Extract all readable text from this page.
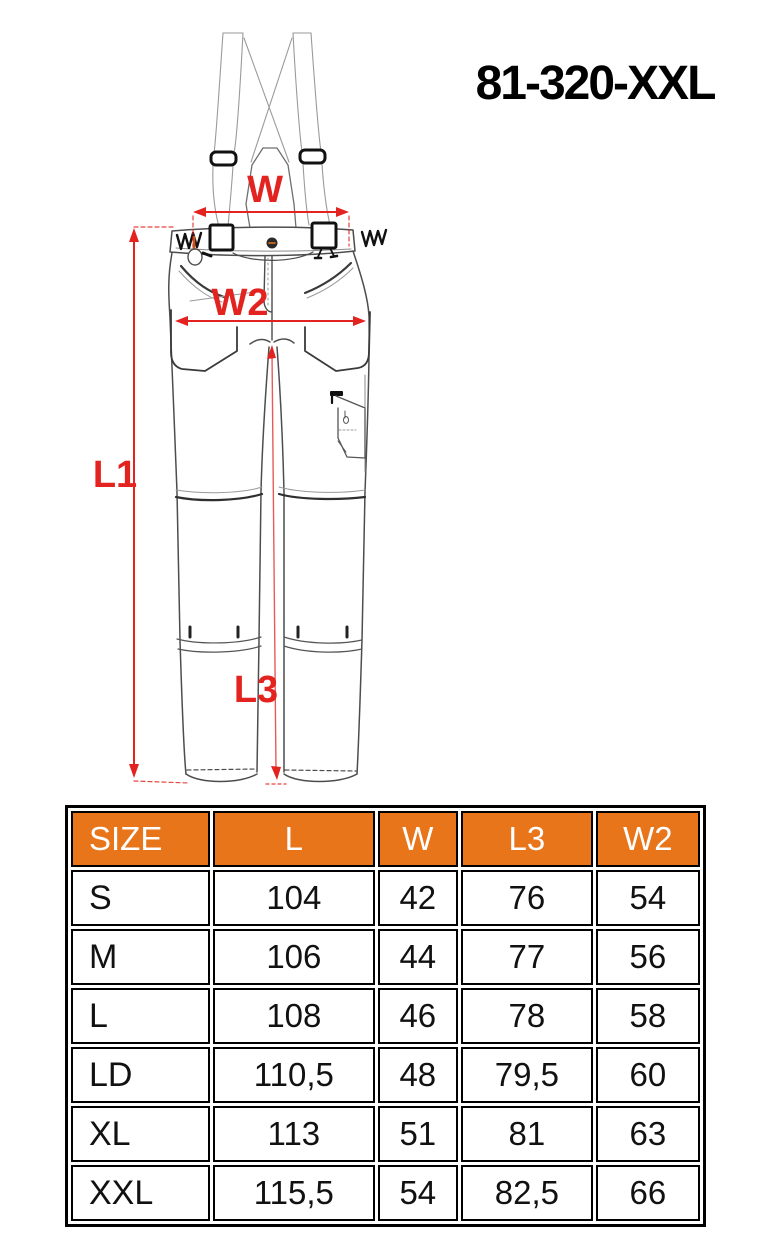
81-320-XXL
W
W2
L1
L3
SIZE	L	W	L3	W2
S	104	42	76	54
M	106	44	77	56
L	108	46	78	58
LD	110,5	48	79,5	60
XL	113	51	81	63
XXL	115,5	54	82,5	66
